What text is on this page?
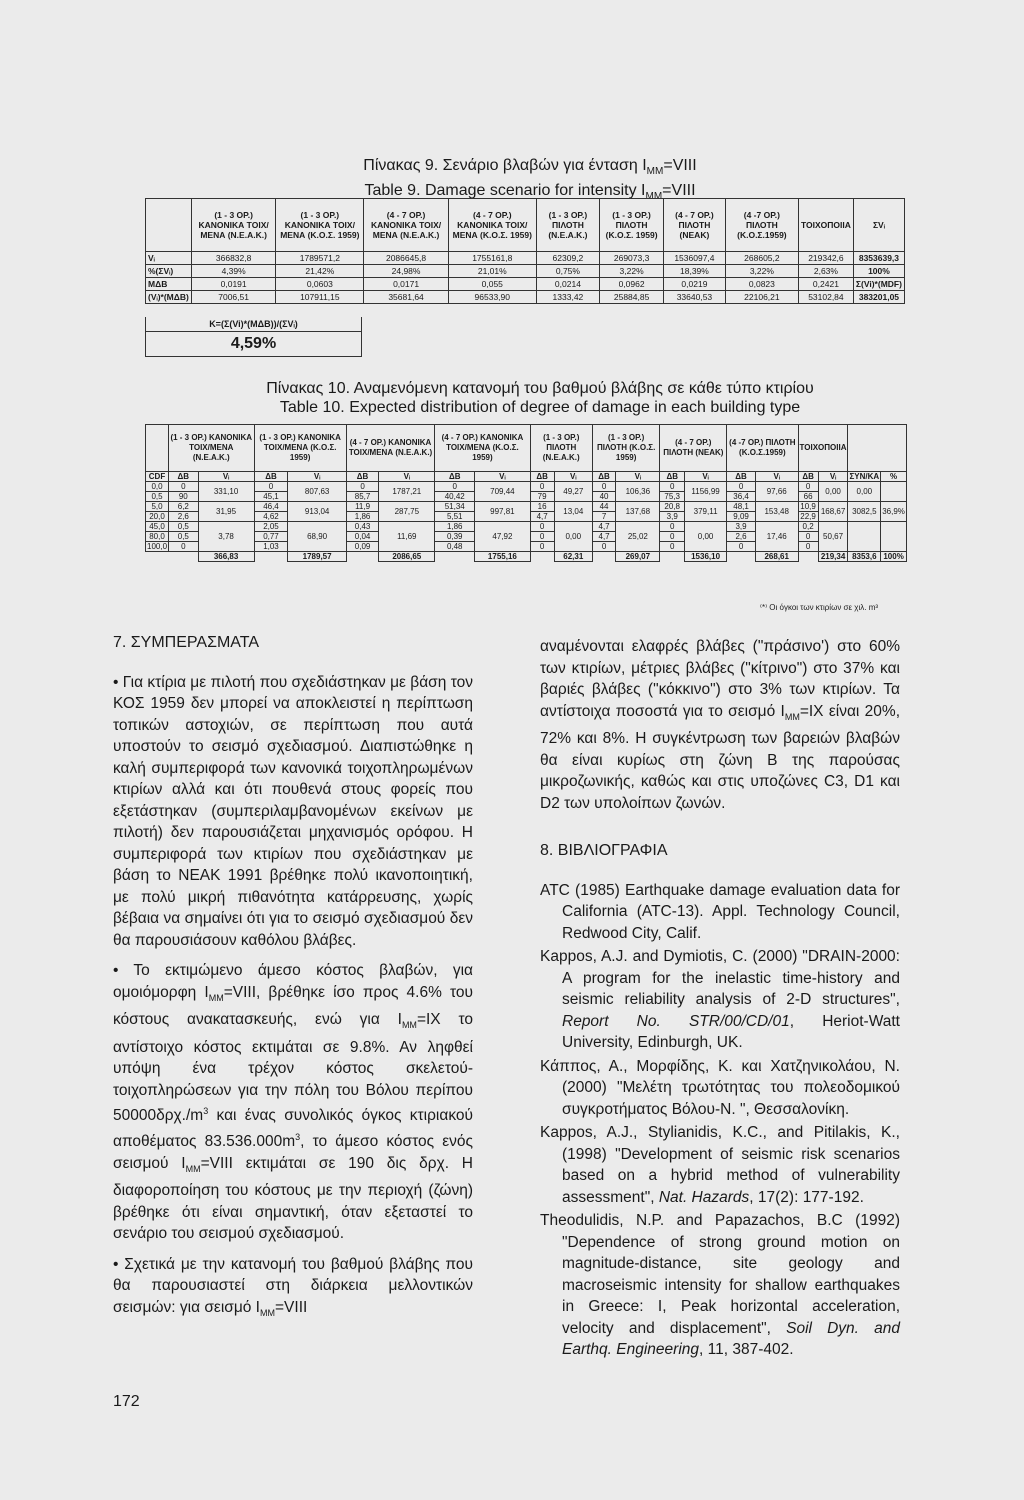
Πίνακας 9. Σενάριο βλαβών για ένταση $I_{MM}=VIII$
Table 9. Damage scenario for intensity $I_{MM}=VIII$
	(1 - 3 ΟΡ.) ΚΑΝΟΝΙΚΑ ΤΟΙΧ/ΜΕΝΑ (Ν.Ε.Α.Κ.)	(1 - 3 ΟΡ.) ΚΑΝΟΝΙΚΑ ΤΟΙΧ/ΜΕΝΑ (Κ.Ο.Σ. 1959)	(4 - 7 ΟΡ.) ΚΑΝΟΝΙΚΑ ΤΟΙΧ/ΜΕΝΑ (Ν.Ε.Α.Κ.)	(4 - 7 ΟΡ.) ΚΑΝΟΝΙΚΑ ΤΟΙΧ/ΜΕΝΑ (Κ.Ο.Σ. 1959)	(1 - 3 ΟΡ.) ΠΙΛΟΤΗ (Ν.Ε.Α.Κ.)	(1 - 3 ΟΡ.) ΠΙΛΟΤΗ (Κ.Ο.Σ. 1959)	(4 - 7 ΟΡ.) ΠΙΛΟΤΗ (ΝΕΑΚ)	(4 -7 ΟΡ.) ΠΙΛΟΤΗ (Κ.Ο.Σ.1959)	ΤΟΙΧΟΠΟΙΙΑ	ΣVᵢ
Vᵢ	366832,8	1789571,2	2086645,8	1755161,8	62309,2	269073,3	1536097,4	268605,2	219342,6	8353639,3
%(ΣVᵢ)	4,39%	21,42%	24,98%	21,01%	0,75%	3,22%	18,39%	3,22%	2,63%	100%
ΜΔΒ	0,0191	0,0603	0,0171	0,055	0,0214	0,0962	0,0219	0,0823	0,2421	Σ(Vi)*(MDF)
(Vᵢ)*(ΜΔΒ)	7006,51	107911,15	35681,64	96533,90	1333,42	25884,85	33640,53	22106,21	53102,84	383201,05
K=(Σ(Vi)*(ΜΔΒ))/(ΣVᵢ)
4,59%
Πίνακας 10. Αναμενόμενη κατανομή του βαθμού βλάβης σε κάθε τύπο κτιρίου
Table 10. Expected distribution of degree of damage in each building type
	(1 - 3 ΟΡ.) ΚΑΝΟΝΙΚΑ ΤΟΙΧ/ΜΕΝΑ (Ν.Ε.Α.Κ.)		(1 - 3 ΟΡ.) ΚΑΝΟΝΙΚΑ ΤΟΙΧ/ΜΕΝΑ (Κ.Ο.Σ. 1959)		(4 - 7 ΟΡ.) ΚΑΝΟΝΙΚΑ ΤΟΙΧ/ΜΕΝΑ (Ν.Ε.Α.Κ.)		(4 - 7 ΟΡ.) ΚΑΝΟΝΙΚΑ ΤΟΙΧ/ΜΕΝΑ (Κ.Ο.Σ. 1959)		(1 - 3 ΟΡ.) ΠΙΛΟΤΗ (Ν.Ε.Α.Κ.)		(1 - 3 ΟΡ.) ΠΙΛΟΤΗ (Κ.Ο.Σ. 1959)		(4 - 7 ΟΡ.) ΠΙΛΟΤΗ (ΝΕΑΚ)		(4 -7 ΟΡ.) ΠΙΛΟΤΗ (Κ.Ο.Σ.1959)		ΤΟΙΧΟΠΟΙΙΑ			
CDF	ΔΒ	Vᵢ	ΔΒ	Vᵢ	ΔΒ	Vᵢ	ΔΒ	Vᵢ	ΔΒ	Vᵢ	ΔΒ	Vᵢ	ΔΒ	Vᵢ	ΔΒ	Vᵢ	ΔΒ	Vᵢ	ΣΥΝ/ΚΑ	%
0,0	0	331,10	0	807,63	0	1787,21	0	709,44	0	49,27	0	106,36	0	1156,99	0	97,66	0	0,00	0,00	
0,5	90		45,1		85,7		40,42		79		40		75,3		36,4		66			
5,0	6,2	31,95	46,4	913,04	11,9	287,75	51,34	997,81	16	13,04	44	137,68	20,8	379,11	48,1	153,48	10,9	168,67	3082,5	36,9%
20,0	2,6		4,62		1,86		5,51		4,7		7		3,9		9,09		22,9			
45,0	0,5	3,78	2,05	68,90	0,43	11,69	1,86	47,92	0	0,00	4,7	25,02	0	0,00	3,9	17,46	0,2	50,67		
80,0	0,5		0,77		0,04		0,39		0		4,7		0		2,6		0			
100,0	0		1,03		0,09		0,48		0		0		0		0		0			
		366,83		1789,57		2086,65		1755,16		62,31		269,07		1536,10		268,61		219,34	8353,6	100%
⁽*⁾ Οι όγκοι των κτιρίων σε χιλ. m³
7. ΣΥΜΠΕΡΑΣΜΑΤΑ

• Για κτίρια με πιλοτή που σχεδιάστηκαν με βάση τον ΚΟΣ 1959 δεν μπορεί να αποκλειστεί η περίπτωση τοπικών αστοχιών, σε περίπτωση που αυτά υποστούν το σεισμό σχεδιασμού. Διαπιστώθηκε η καλή συμπεριφορά των κανονικά τοιχοπληρωμένων κτιρίων αλλά και ότι πουθενά στους φορείς που εξετάστηκαν (συμπεριλαμβανομένων εκείνων με πιλοτή) δεν παρουσιάζεται μηχανισμός ορόφου. Η συμπεριφορά των κτιρίων που σχεδιάστηκαν με βάση το ΝΕΑΚ 1991 βρέθηκε πολύ ικανοποιητική, με πολύ μικρή πιθανότητα κατάρρευσης, χωρίς βέβαια να σημαίνει ότι για το σεισμό σχεδιασμού δεν θα παρουσιάσουν καθόλου βλάβες.

• Το εκτιμώμενο άμεσο κόστος βλαβών, για ομοιόμορφη $I_{MM}=VIII$, βρέθηκε ίσο προς 4.6% του κόστους ανακατασκευής, ενώ για $I_{MM}=IX$ το αντίστοιχο κόστος εκτιμάται σε 9.8%. Αν ληφθεί υπόψη ένα τρέχον κόστος σκελετού-τοιχοπληρώσεων για την πόλη του Βόλου περίπου $50000\delta\rho\chi./m^3$ και ένας συνολικός όγκος κτιριακού αποθέματος $83.536.000m^3$, το άμεσο κόστος ενός σεισμού $I_{MM}=VIII$ εκτιμάται σε 190 δις δρχ. Η διαφοροποίηση του κόστους με την περιοχή (ζώνη) βρέθηκε ότι είναι σημαντική, όταν εξεταστεί το σενάριο του σεισμού σχεδιασμού.

• Σχετικά με την κατανομή του βαθμού βλάβης που θα παρουσιαστεί στη διάρκεια μελλοντικών σεισμών: για σεισμό $I_{MM}=VIII$

αναμένονται ελαφρές βλάβες ("πράσινο') στο 60% των κτιρίων, μέτριες βλάβες ("κίτρινο") στο 37% και βαριές βλάβες ("κόκκινο") στο 3% των κτιρίων. Τα αντίστοιχα ποσοστά για το σεισμό $I_{MM}=IX$ είναι 20%, 72% και 8%. Η συγκέντρωση των βαρειών βλαβών θα είναι κυρίως στη ζώνη Β της παρούσας μικροζωνικής, καθώς και στις υποζώνες C3, D1 και D2 των υπολοίπων ζωνών.

8. ΒΙΒΛΙΟΓΡΑΦΙΑ

ATC (1985) Earthquake damage evaluation data for California (ATC-13). Appl. Technology Council, Redwood City, Calif.

Kappos, A.J. and Dymiotis, C. (2000) "DRAIN-2000: A program for the inelastic time-history and seismic reliability analysis of 2-D structures", Report No. STR/00/CD/01, Heriot-Watt University, Edinburgh, UK.

Κάππος, Α., Μορφίδης, Κ. και Χατζηνικολάου, Ν. (2000) "Μελέτη τρωτότητας του πολεοδομικού συγκροτήματος Βόλου-Ν. ", Θεσσαλονίκη.

Kappos, A.J., Stylianidis, K.C., and Pitilakis, K., (1998) "Development of seismic risk scenarios based on a hybrid method of vulnerability assessment", Nat. Hazards, 17(2): 177-192.

Theodulidis, N.P. and Papazachos, B.C (1992) "Dependence of strong ground motion on magnitude-distance, site geology and macroseismic intensity for shallow earthquakes in Greece: I, Peak horizontal acceleration, velocity and displacement", Soil Dyn. and Earthq. Engineering, 11, 387-402.

172
